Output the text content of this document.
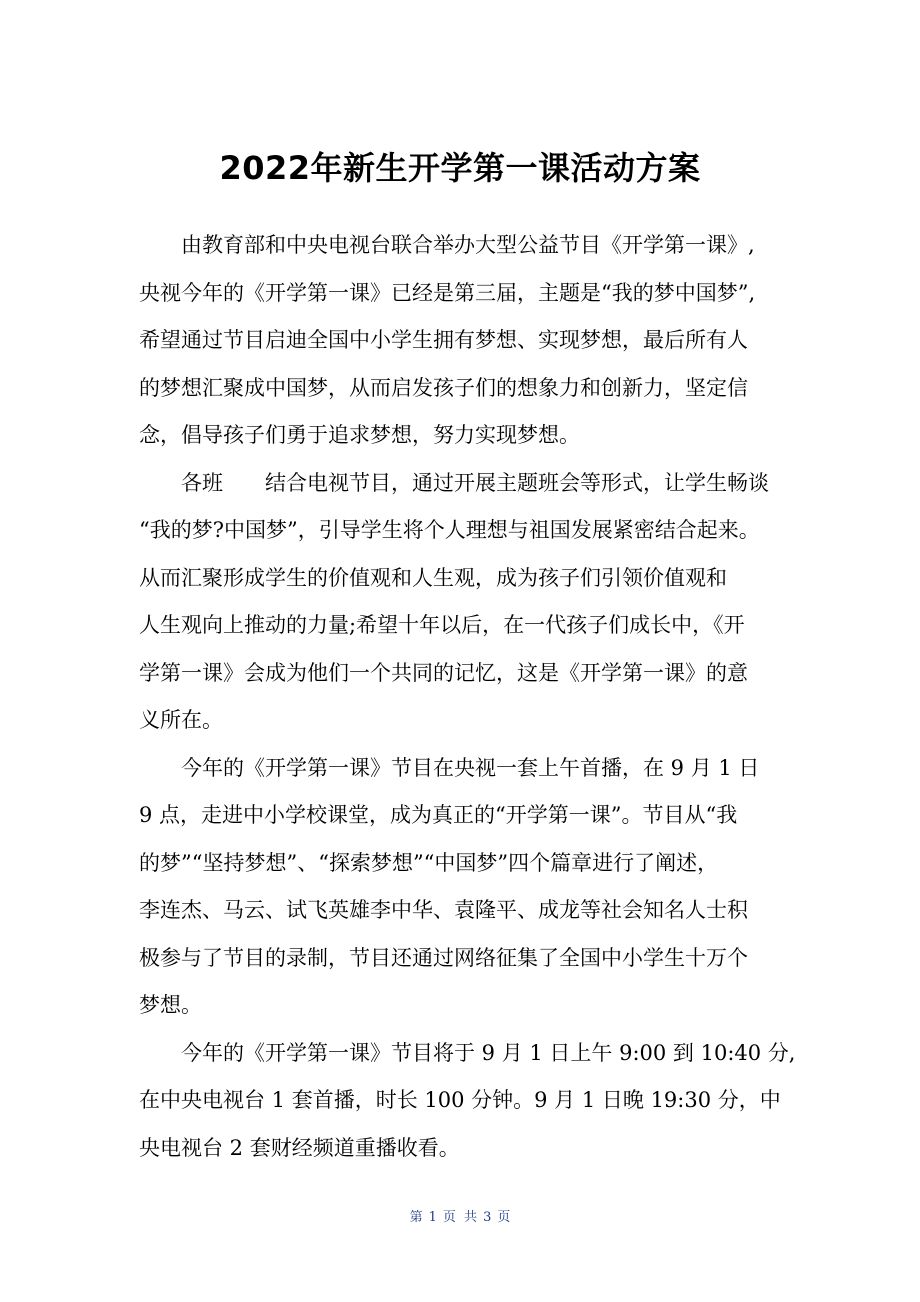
2022年新生开学第一课活动方案
由教育部和中央电视台联合举办大型公益节目《开学第一课》,
央视今年的《开学第一课》已经是第三届，主题是“我的梦中国梦”,
希望通过节目启迪全国中小学生拥有梦想、实现梦想，最后所有人
的梦想汇聚成中国梦，从而启发孩子们的想象力和创新力，坚定信
念，倡导孩子们勇于追求梦想，努力实现梦想。
各班　　结合电视节目，通过开展主题班会等形式，让学生畅谈
“我的梦?中国梦”，引导学生将个人理想与祖国发展紧密结合起来。
从而汇聚形成学生的价值观和人生观，成为孩子们引领价值观和
人生观向上推动的力量;希望十年以后，在一代孩子们成长中，《开
学第一课》会成为他们一个共同的记忆，这是《开学第一课》的意
义所在。
今年的《开学第一课》节目在央视一套上午首播，在 9 月 1 日
9 点，走进中小学校课堂，成为真正的“开学第一课”。节目从“我
的梦”“坚持梦想”、“探索梦想”“中国梦”四个篇章进行了阐述，
李连杰、马云、试飞英雄李中华、袁隆平、成龙等社会知名人士积
极参与了节目的录制，节目还通过网络征集了全国中小学生十万个
梦想。
今年的《开学第一课》节目将于 9 月 1 日上午 9:00 到 10:40 分,
在中央电视台 1 套首播，时长 100 分钟。9 月 1 日晚 19:30 分，中
央电视台 2 套财经频道重播收看。
第 1 页 共 3 页
